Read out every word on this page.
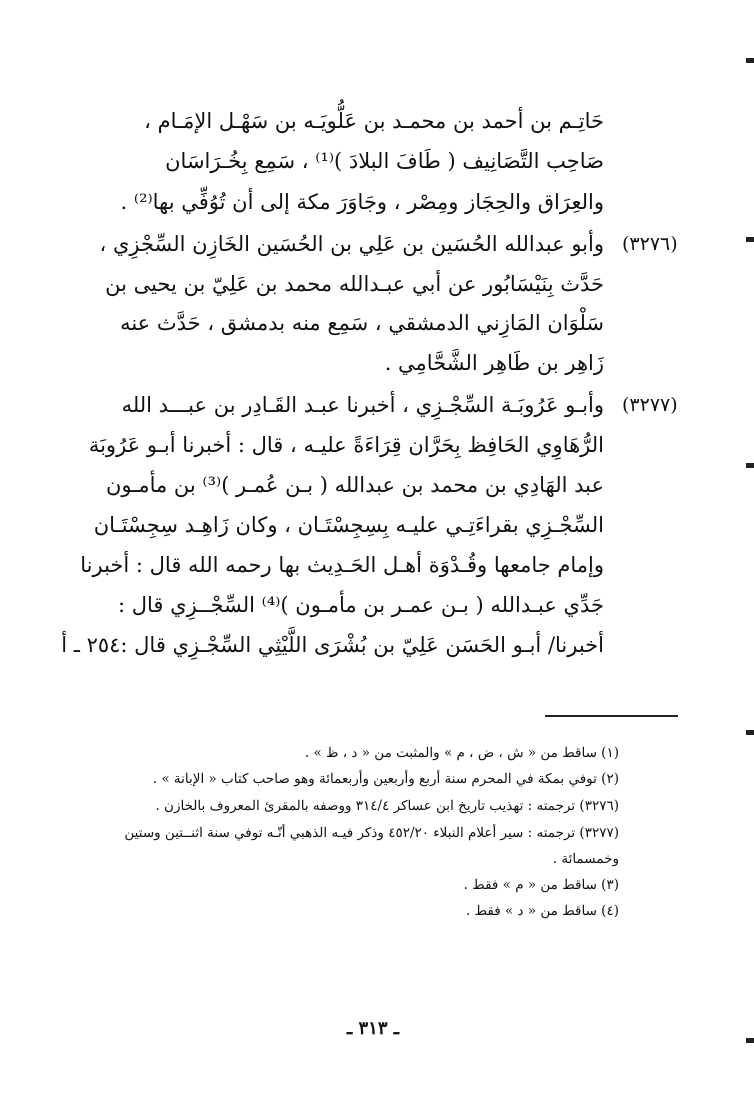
حَاتِـم بن أحمد بن محمـد بن عَلُّويَـه بن سَهْـل الإمَـام ،
صَاحِب التَّصَانِيف ( طَافَ البلادَ )⁽¹⁾ ، سَمِع بِخُـرَاسَان
والعِرَاق والحِجَاز ومِصْر ، وجَاوَرَ مكة إلى أن تُوُفِّي بها⁽²⁾ .
(٣٢٧٦)
وأبو عبدالله الحُسَين بن عَلِي بن الحُسَين الخَازِن السِّجْزِي ،
حَدَّث بِنَيْسَابُور عن أبي عبـدالله محمد بن عَلِيّ بن يحيى بن
سَلْوَان المَازِني الدمشقي ، سَمِع منه بدمشق ، حَدَّث عنه
زَاهِر بن طَاهِر الشَّحَّامِي .
(٣٢٧٧)
وأبـو عَرُوبَـة السِّجْـزِي ، أخبرنا عبـد القَـادِر بن عبـــد الله
الرُّهَاوِي الحَافِظ بِحَرَّان قِرَاءَةً عليـه ، قال : أخبرنا أبـو عَرُوبَة
عبد الهَادِي بن محمد بن عبدالله ( بـن عُمـر )⁽³⁾ بن مأمـون
السِّجْـزِي بقراءَتِـي عليـه بِسِجِسْتَـان ، وكان زَاهِـد سِجِسْتَـان
وإمام جامعها وقُـدْوَة أهـل الحَـدِيث بها رحمه الله قال : أخبرنا
جَدِّي عبـدالله ( بـن عمـر بن مأمـون )⁽⁴⁾ السِّجْــزِي قال :
أخبرنا/ أبـو الحَسَن عَلِيّ بن بُشْرَى اللَّيْثِي السِّجْـزِي قال :٢٥٤ ـ أ
(١) ساقط من « ش ، ض ، م » والمثبت من « د ، ظ » .
(٢) توفي بمكة في المحرم سنة أربع وأربعين وأربعمائة وهو صاحب كتاب « الإبانة » .
(٣٢٧٦) ترجمته : تهذيب تاريخ ابن عساكر ٣١٤/٤ ووصفه بالمقرئ المعروف بالخازن .
(٣٢٧٧) ترجمته : سير أعلام النبلاء ٤٥٢/٢٠ وذكر فيـه الذهبي أنّـه توفي سنة اثنــتين وستين
وخمسمائة .
(٣) ساقط من « م » فقط .
(٤) ساقط من « د » فقط .
ـ ٣١٣ ـ
